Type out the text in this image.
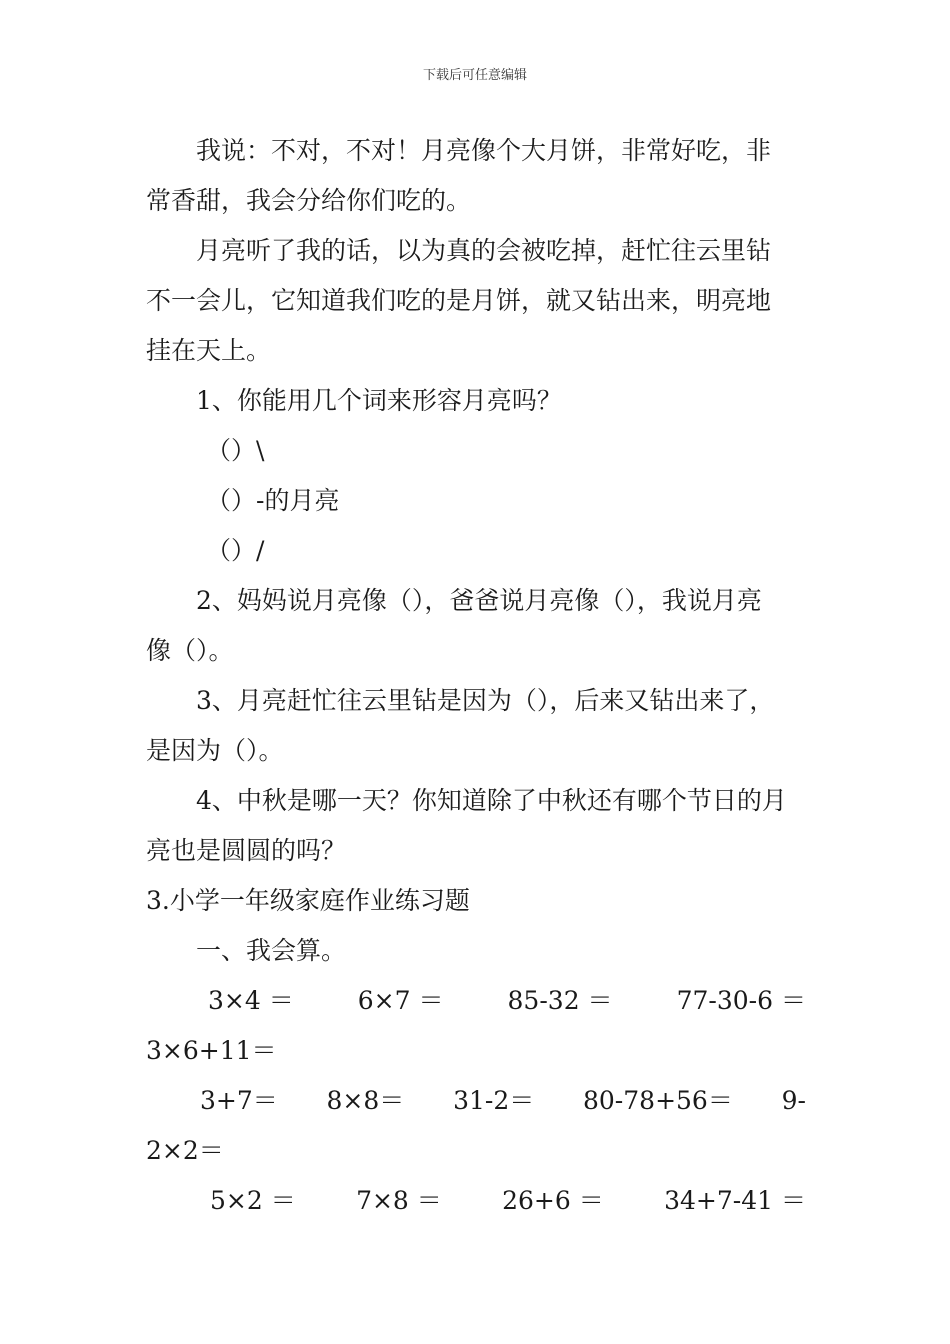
下载后可任意编辑
我说：不对，不对！月亮像个大月饼，非常好吃，非
常香甜，我会分给你们吃的。
月亮听了我的话，以为真的会被吃掉，赶忙往云里钻
不一会儿，它知道我们吃的是月饼，就又钻出来，明亮地
挂在天上。
1、你能用几个词来形容月亮吗？
（）\
（）-的月亮
（）/
2、妈妈说月亮像（），爸爸说月亮像（），我说月亮
像（）。
3、月亮赶忙往云里钻是因为（），后来又钻出来了，
是因为（）。
4、中秋是哪一天？你知道除了中秋还有哪个节日的月
亮也是圆圆的吗？
3.小学一年级家庭作业练习题
一、我会算。
3×4 ＝	6×7 ＝	85-32 ＝	77-30-6 ＝
3×6+11＝
3+7＝ 8×8＝ 31-2＝ 80-78+56＝ 9-
2×2＝
5×2 ＝ 7×8 ＝ 26+6 ＝ 34+7-41 ＝
